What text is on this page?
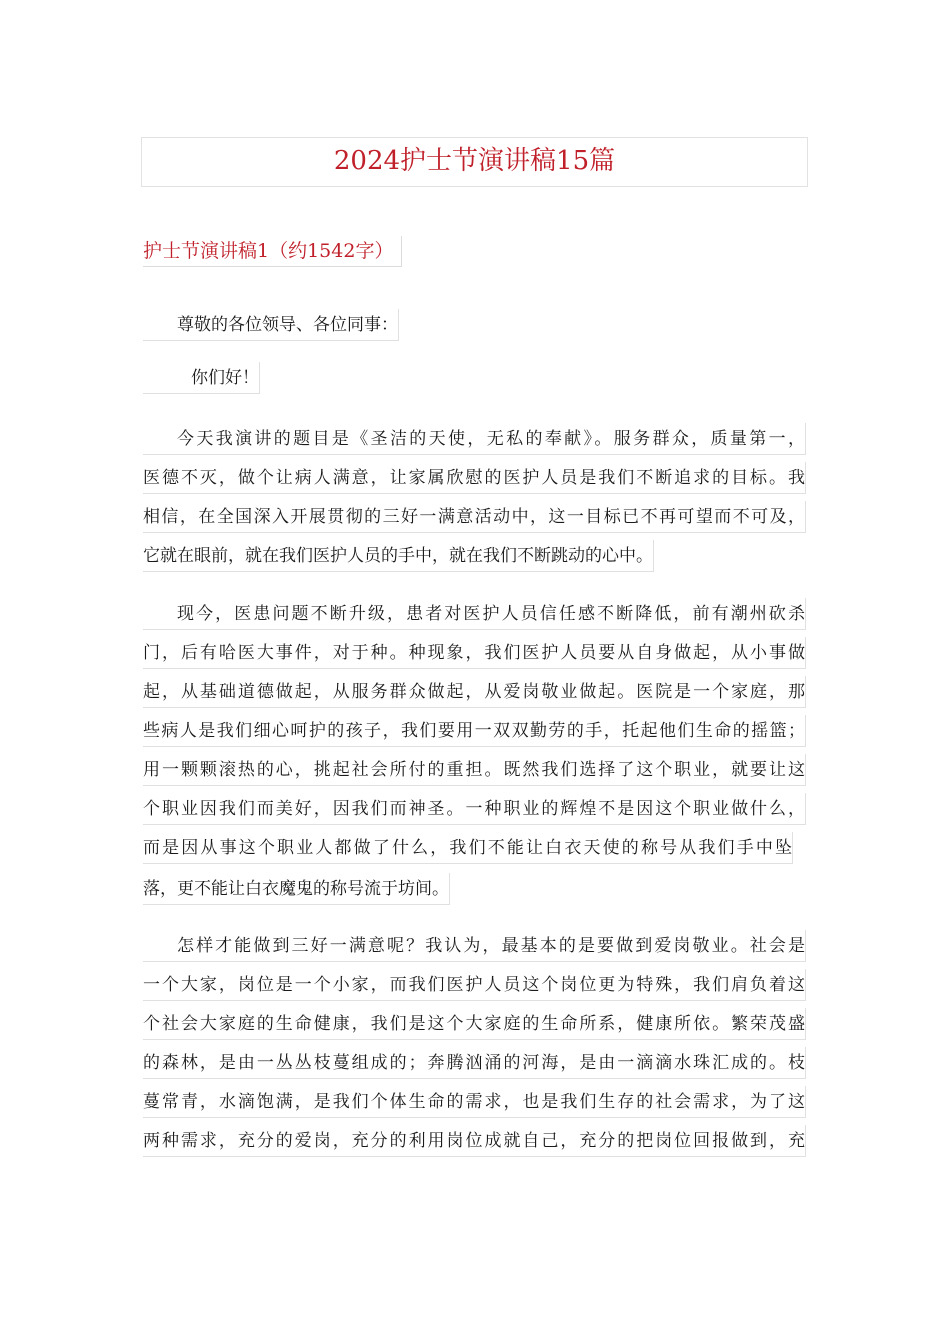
2024护士节演讲稿15篇
护士节演讲稿1（约1542字）
尊敬的各位领导、各位同事：
你们好！
今天我演讲的题目是《圣洁的天使，无私的奉献》。服务群众，质量第一，
医德不灭，做个让病人满意，让家属欣慰的医护人员是我们不断追求的目标。我
相信，在全国深入开展贯彻的三好一满意活动中，这一目标已不再可望而不可及，
它就在眼前，就在我们医护人员的手中，就在我们不断跳动的心中。
现今，医患问题不断升级，患者对医护人员信任感不断降低，前有潮州砍杀
门，后有哈医大事件，对于种。种现象，我们医护人员要从自身做起，从小事做
起，从基础道德做起，从服务群众做起，从爱岗敬业做起。医院是一个家庭，那
些病人是我们细心呵护的孩子，我们要用一双双勤劳的手，托起他们生命的摇篮；
用一颗颗滚热的心，挑起社会所付的重担。既然我们选择了这个职业，就要让这
个职业因我们而美好，因我们而神圣。一种职业的辉煌不是因这个职业做什么，
而是因从事这个职业人都做了什么，我们不能让白衣天使的称号从我们手中坠
落，更不能让白衣魔鬼的称号流于坊间。
怎样才能做到三好一满意呢？我认为，最基本的是要做到爱岗敬业。社会是
一个大家，岗位是一个小家，而我们医护人员这个岗位更为特殊，我们肩负着这
个社会大家庭的生命健康，我们是这个大家庭的生命所系，健康所依。繁荣茂盛
的森林，是由一丛丛枝蔓组成的；奔腾汹涌的河海，是由一滴滴水珠汇成的。枝
蔓常青，水滴饱满，是我们个体生命的需求，也是我们生存的社会需求，为了这
两种需求，充分的爱岗，充分的利用岗位成就自己，充分的把岗位回报做到，充
